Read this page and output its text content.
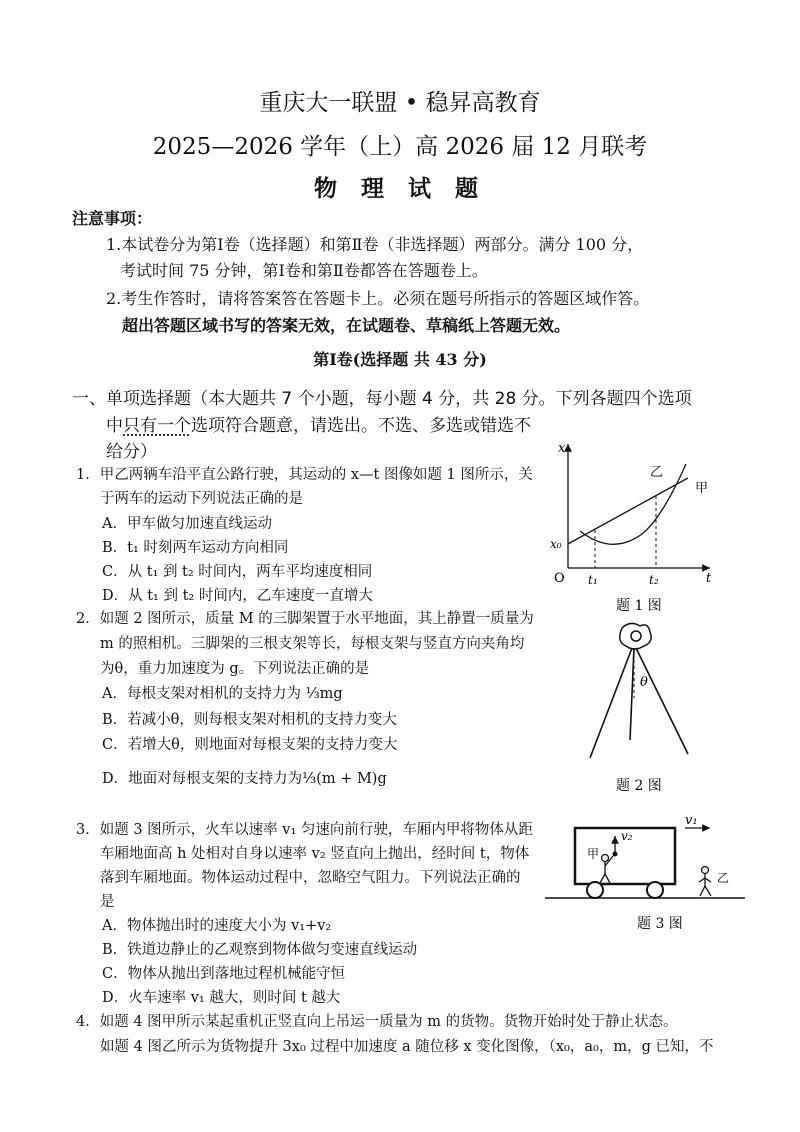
重庆大一联盟 • 稳昇高教育
2025—2026 学年（上）高 2026 届 12 月联考
物 理 试 题
注意事项：
1.本试卷分为第Ⅰ卷（选择题）和第Ⅱ卷（非选择题）两部分。满分 100 分，
考试时间 75 分钟，第Ⅰ卷和第Ⅱ卷都答在答题卷上。
2.考生作答时，请将答案答在答题卡上。必须在题号所指示的答题区域作答。
超出答题区域书写的答案无效，在试题卷、草稿纸上答题无效。
第Ⅰ卷(选择题 共 43 分)
一、单项选择题（本大题共 7 个小题，每小题 4 分，共 28 分。下列各题四个选项
中只有一个选项符合题意，请选出。不选、多选或错选不
给分）
1．甲乙两辆车沿平直公路行驶，其运动的 x—t 图像如题 1 图所示，关
于两车的运动下列说法正确的是
A．甲车做匀加速直线运动
B．t₁ 时刻两车运动方向相同
C．从 t₁ 到 t₂ 时间内，两车平均速度相同
D．从 t₁ 到 t₂ 时间内，乙车速度一直增大
x
t
O
x₀
t₁	t₂
甲
乙
题 1 图
2．如题 2 图所示，质量 M 的三脚架置于水平地面，其上静置一质量为
m 的照相机。三脚架的三根支架等长，每根支架与竖直方向夹角均
为θ，重力加速度为 g。下列说法正确的是
A．每根支架对相机的支持力为 ⅓mg
B．若减小θ，则每根支架对相机的支持力变大
C．若增大θ，则地面对每根支架的支持力变大
D．地面对每根支架的支持力为⅓(m + M)g
θ
题 2 图
3．如题 3 图所示，火车以速率 v₁ 匀速向前行驶，车厢内甲将物体从距
车厢地面高 h 处相对自身以速率 v₂ 竖直向上抛出，经时间 t，物体
落到车厢地面。物体运动过程中，忽略空气阻力。下列说法正确的
是
A．物体抛出时的速度大小为 v₁+v₂
B．铁道边静止的乙观察到物体做匀变速直线运动
C．物体从抛出到落地过程机械能守恒
D．火车速率 v₁ 越大，则时间 t 越大
v₁
v₂
甲
乙
题 3 图
4．如题 4 图甲所示某起重机正竖直向上吊运一质量为 m 的货物。货物开始时处于静止状态。
如题 4 图乙所示为货物提升 3x₀ 过程中加速度 a 随位移 x 变化图像，（x₀，a₀，m，g 已知，不
